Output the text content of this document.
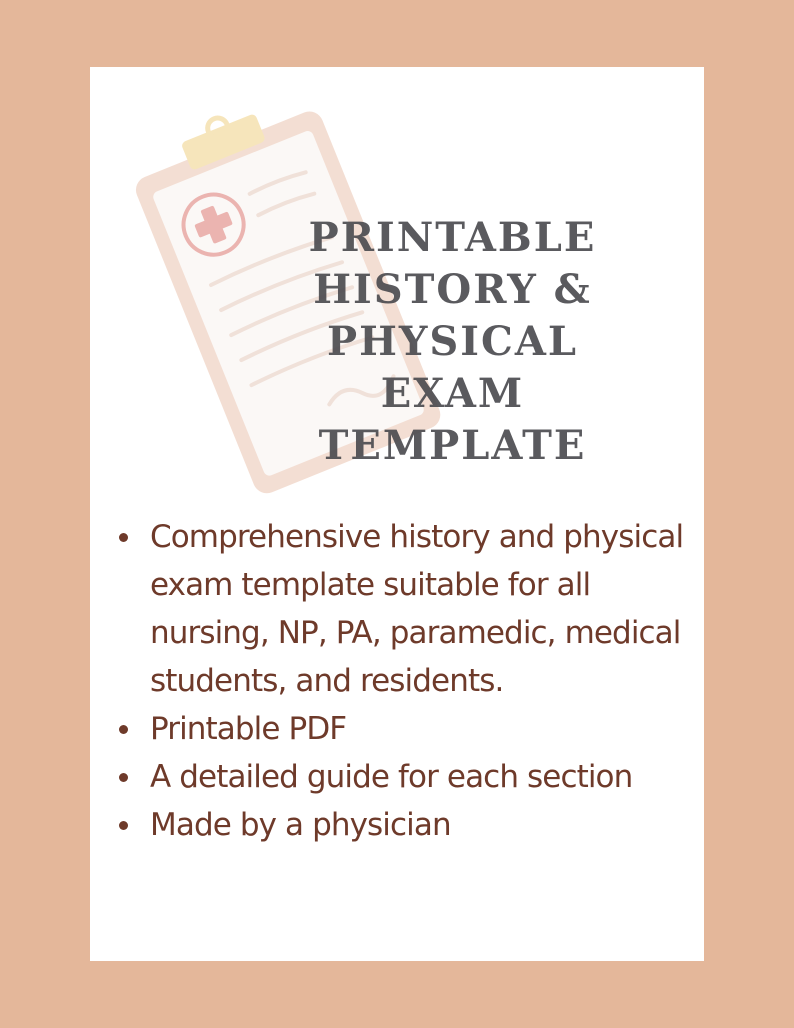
PRINTABLE
HISTORY &
PHYSICAL
EXAM
TEMPLATE
Comprehensive history and physical exam template suitable for all nursing, NP, PA, paramedic, medical students, and residents.
Printable PDF
A detailed guide for each section
Made by a physician
